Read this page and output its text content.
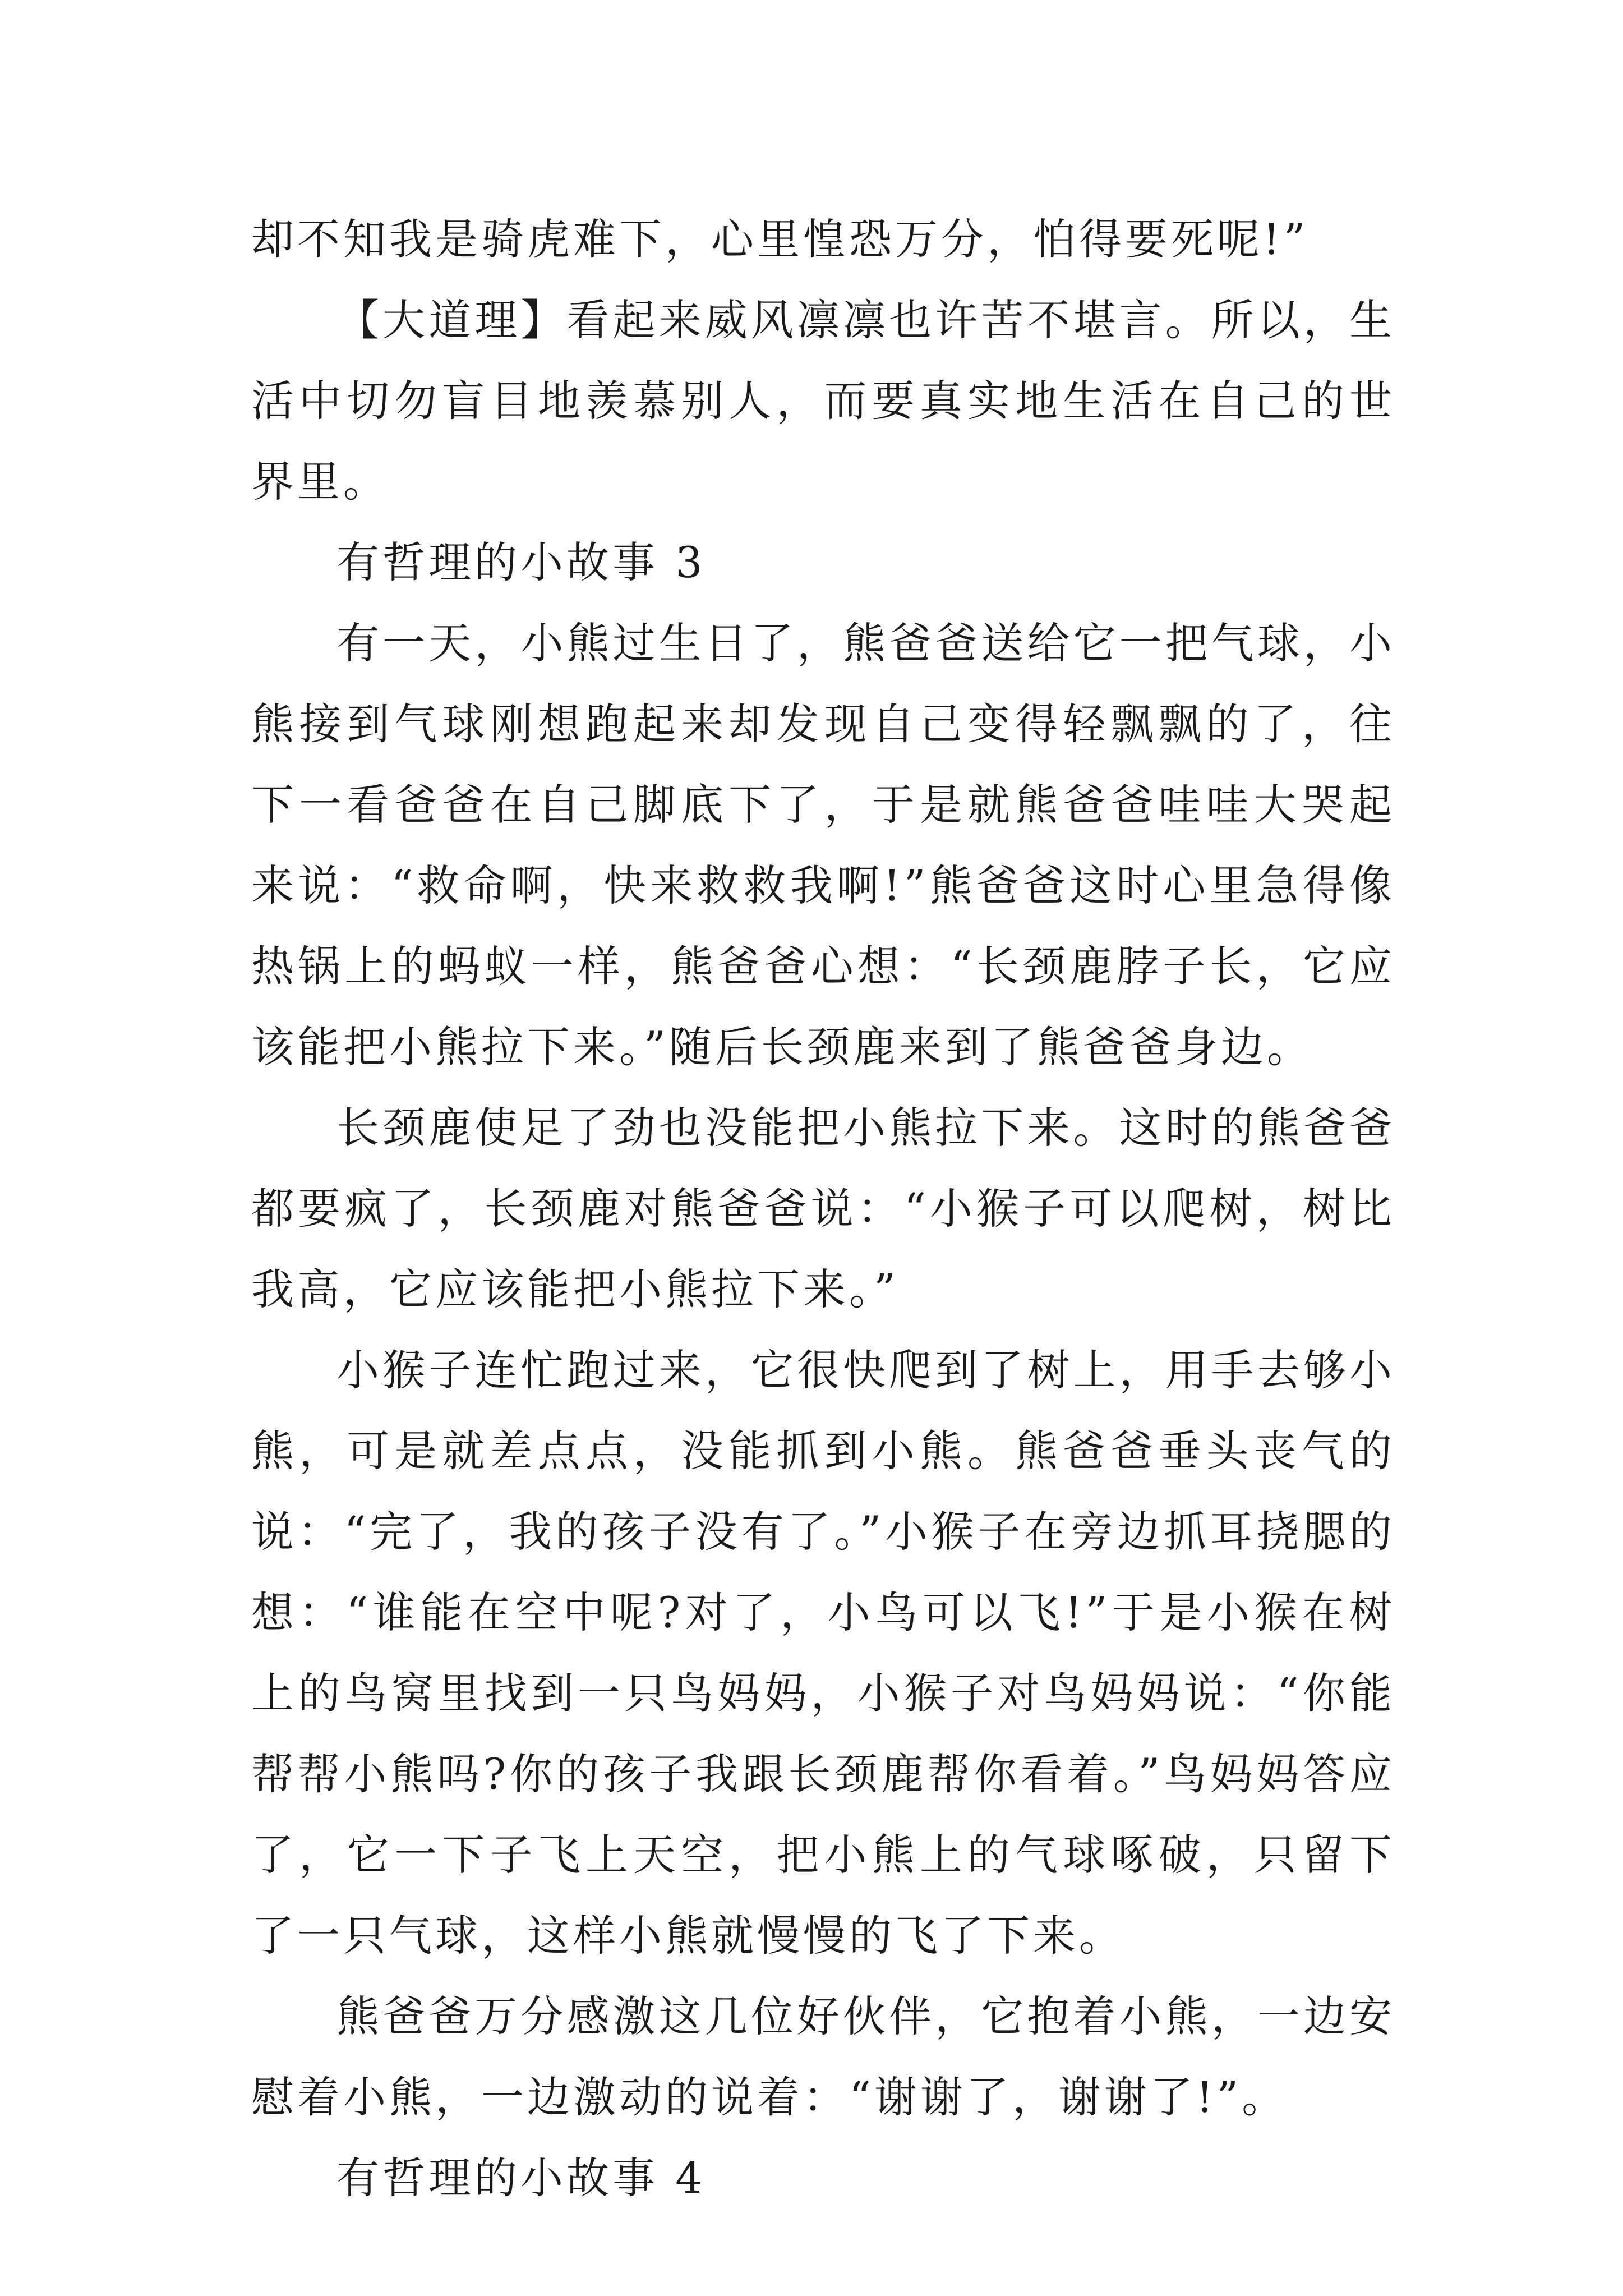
却不知我是骑虎难下，心里惶恐万分，怕得要死呢!”

【大道理】看起来威风凛凛也许苦不堪言。所以，生活中切勿盲目地羡慕别人，而要真实地生活在自己的世界里。

有哲理的小故事 3

有一天，小熊过生日了，熊爸爸送给它一把气球，小熊接到气球刚想跑起来却发现自己变得轻飘飘的了，往下一看爸爸在自己脚底下了，于是就熊爸爸哇哇大哭起来说：“救命啊，快来救救我啊!”熊爸爸这时心里急得像热锅上的蚂蚁一样，熊爸爸心想：“长颈鹿脖子长，它应该能把小熊拉下来。”随后长颈鹿来到了熊爸爸身边。

长颈鹿使足了劲也没能把小熊拉下来。这时的熊爸爸都要疯了，长颈鹿对熊爸爸说：“小猴子可以爬树，树比我高，它应该能把小熊拉下来。”

小猴子连忙跑过来，它很快爬到了树上，用手去够小熊，可是就差点点，没能抓到小熊。熊爸爸垂头丧气的说：“完了，我的孩子没有了。”小猴子在旁边抓耳挠腮的想：“谁能在空中呢?对了，小鸟可以飞!”于是小猴在树上的鸟窝里找到一只鸟妈妈，小猴子对鸟妈妈说：“你能帮帮小熊吗?你的孩子我跟长颈鹿帮你看着。”鸟妈妈答应了，它一下子飞上天空，把小熊上的气球啄破，只留下了一只气球，这样小熊就慢慢的飞了下来。

熊爸爸万分感激这几位好伙伴，它抱着小熊，一边安慰着小熊，一边激动的说着：“谢谢了，谢谢了!”。

有哲理的小故事 4
